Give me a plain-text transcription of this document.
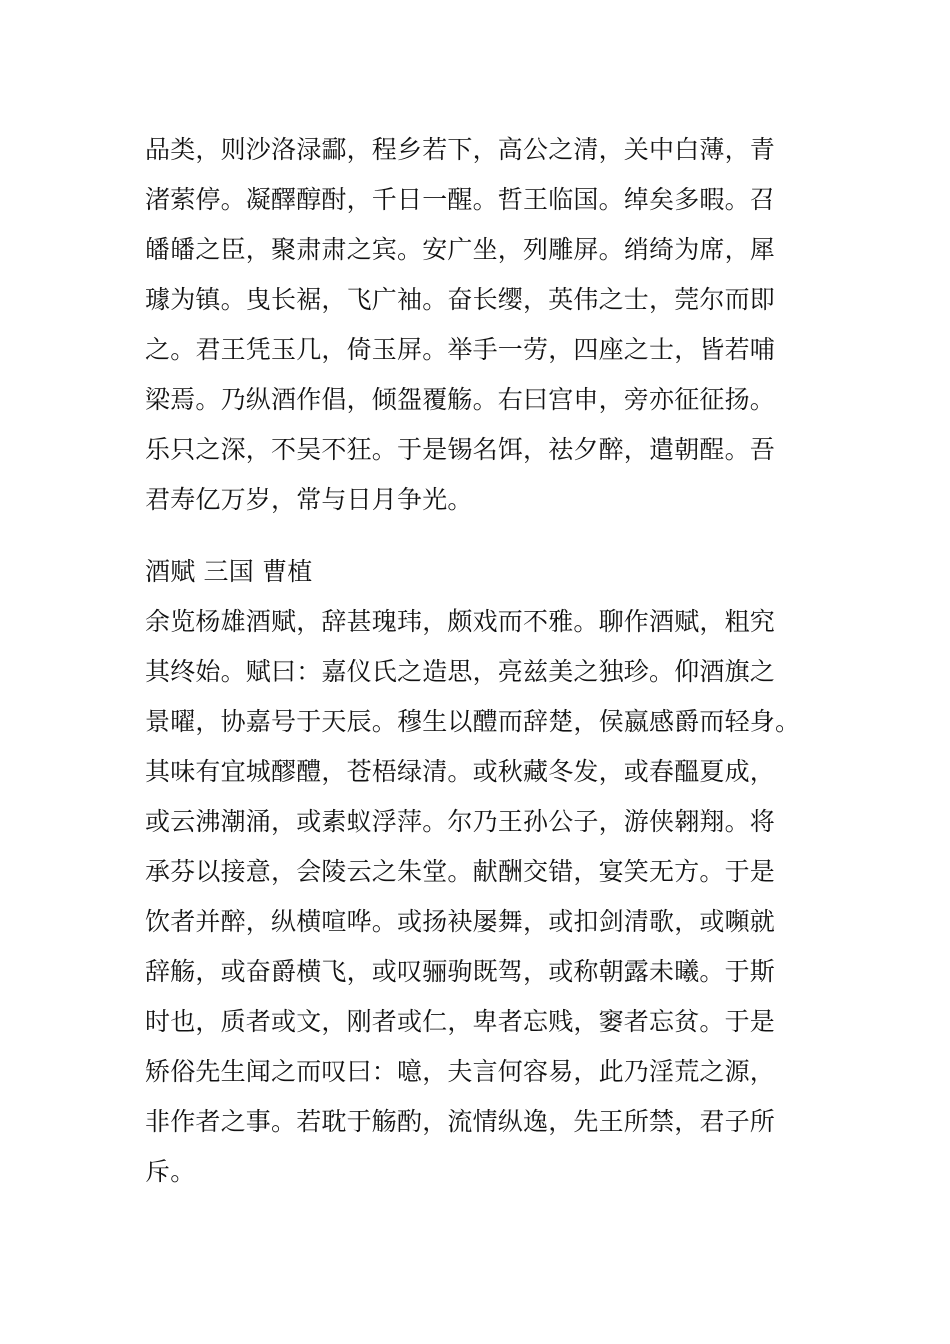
品类，则沙洛渌酃，程乡若下，高公之清，关中白薄，青
渚萦停。凝醳醇酎，千日一醒。哲王临国。绰矣多暇。召
皤皤之臣，聚肃肃之宾。安广坐，列雕屏。绡绮为席，犀
璩为镇。曳长裾，飞广袖。奋长缨，英伟之士，莞尔而即
之。君王凭玉几，倚玉屏。举手一劳，四座之士，皆若哺
梁焉。乃纵酒作倡，倾盌覆觞。右曰宫申，旁亦征征扬。
乐只之深，不吴不狂。于是锡名饵，祛夕醉，遣朝酲。吾
君寿亿万岁，常与日月争光。
酒赋 三国 曹植
余览杨雄酒赋，辞甚瑰玮，颇戏而不雅。聊作酒赋，粗究
其终始。赋曰：嘉仪氏之造思，亮兹美之独珍。仰酒旗之
景曜，协嘉号于天辰。穆生以醴而辞楚，侯嬴感爵而轻身。
其味有宜城醪醴，苍梧绿清。或秋藏冬发，或春醞夏成，
或云沸潮涌，或素蚁浮萍。尔乃王孙公子，游侠翱翔。将
承芬以接意，会陵云之朱堂。献酬交错，宴笑无方。于是
饮者并醉，纵横喧哗。或扬袂屡舞，或扣剑清歌，或嚬就
辞觞，或奋爵横飞，或叹骊驹既驾，或称朝露未曦。于斯
时也，质者或文，刚者或仁，卑者忘贱，窭者忘贫。于是
矫俗先生闻之而叹曰：噫，夫言何容易，此乃淫荒之源，
非作者之事。若耽于觞酌，流情纵逸，先王所禁，君子所
斥。
